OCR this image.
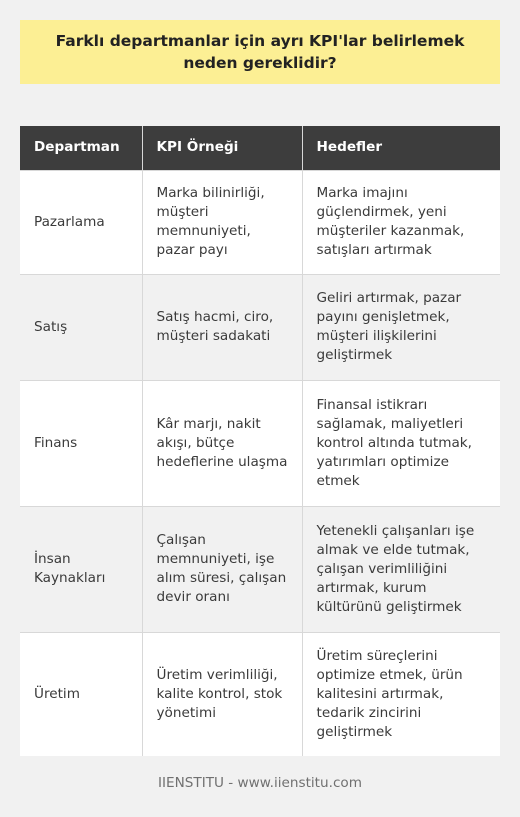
Farklı departmanlar için ayrı KPI'lar belirlemek neden gereklidir?
Departman	KPI Örneği	Hedefler
Pazarlama	Marka bilinirliği, müşteri memnuniyeti, pazar payı	Marka imajını güçlendirmek, yeni müşteriler kazanmak, satışları artırmak
Satış	Satış hacmi, ciro, müşteri sadakati	Geliri artırmak, pazar payını genişletmek, müşteri ilişkilerini geliştirmek
Finans	Kâr marjı, nakit akışı, bütçe hedeflerine ulaşma	Finansal istikrarı sağlamak, maliyetleri kontrol altında tutmak, yatırımları optimize etmek
İnsan Kaynakları	Çalışan memnuniyeti, işe alım süresi, çalışan devir oranı	Yetenekli çalışanları işe almak ve elde tutmak, çalışan verimliliğini artırmak, kurum kültürünü geliştirmek
Üretim	Üretim verimliliği, kalite kontrol, stok yönetimi	Üretim süreçlerini optimize etmek, ürün kalitesini artırmak, tedarik zincirini geliştirmek
IIENSTITU - www.iienstitu.com
